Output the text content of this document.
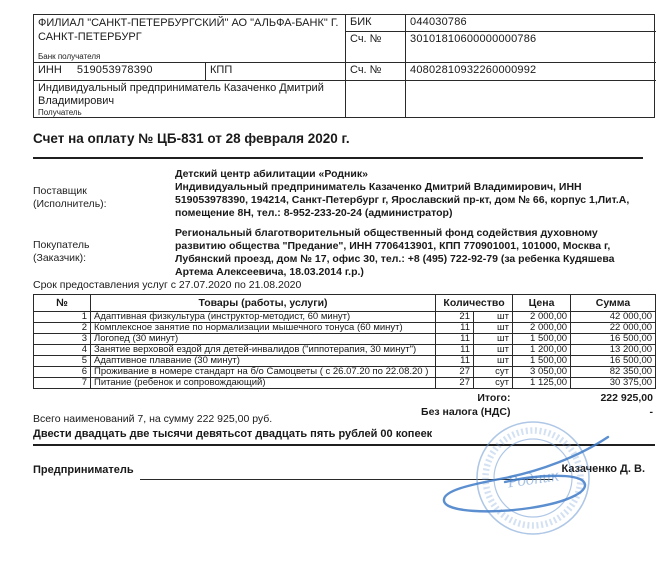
ФИЛИАЛ "САНКТ-ПЕТЕРБУРГСКИЙ" АО "АЛЬФА-БАНК" Г. САНКТ-ПЕТЕРБУРГ
Банк получателя
БИК	044030786
Сч. №	30101810600000000786
ИНН 519053978390	КПП	Сч. №	40802810932260000992
Индивидуальный предприниматель Казаченко Дмитрий Владимирович
Получатель
Счет на оплату № ЦБ-831 от 28 февраля 2020 г.
Поставщик (Исполнитель):
Детский центр абилитации «Родник»
Индивидуальный предприниматель Казаченко Дмитрий Владимирович, ИНН 519053978390, 194214, Санкт-Петербург г, Ярославский пр-кт, дом № 66, корпус 1,Лит.А, помещение 8Н, тел.: 8-952-233-20-24 (администратор)
Покупатель (Заказчик):
Региональный благотворительный общественный фонд содействия духовному развитию общества "Предание", ИНН 7706413901, КПП 770901001, 101000, Москва г, Лубянский проезд, дом № 17, офис 30, тел.: +8 (495) 722-92-79 (за ребенка Кудяшева Артема Алексеевича, 18.03.2014 г.р.)
Срок предоставления услуг с 27.07.2020 по 21.08.2020
№	Товары (работы, услуги)	Количество		Цена	Сумма
1	Адаптивная физкультура (инструктор-методист, 60 минут)	21	шт	2 000,00	42 000,00
2	Комплексное занятие по нормализации мышечного тонуса (60 минут)	11	шт	2 000,00	22 000,00
3	Логопед (30 минут)	11	шт	1 500,00	16 500,00
4	Занятие верховой ездой для детей-инвалидов ("иппотерапия, 30 минут")	11	шт	1 200,00	13 200,00
5	Адаптивное плавание (30 минут)	11	шт	1 500,00	16 500,00
6	Проживание в номере стандарт на б/о Самоцветы ( с 26.07.20 по 22.08.20 )	27	сут	3 050,00	82 350,00
7	Питание (ребенок и сопровождающий)	27	сут	1 125,00	30 375,00
Итого:	222 925,00
Без налога (НДС)	-
Всего наименований 7, на сумму 222 925,00 руб.
Двести двадцать две тысячи девятьсот двадцать пять рублей 00 копеек
Предприниматель	Казаченко Д. В.
Родник
